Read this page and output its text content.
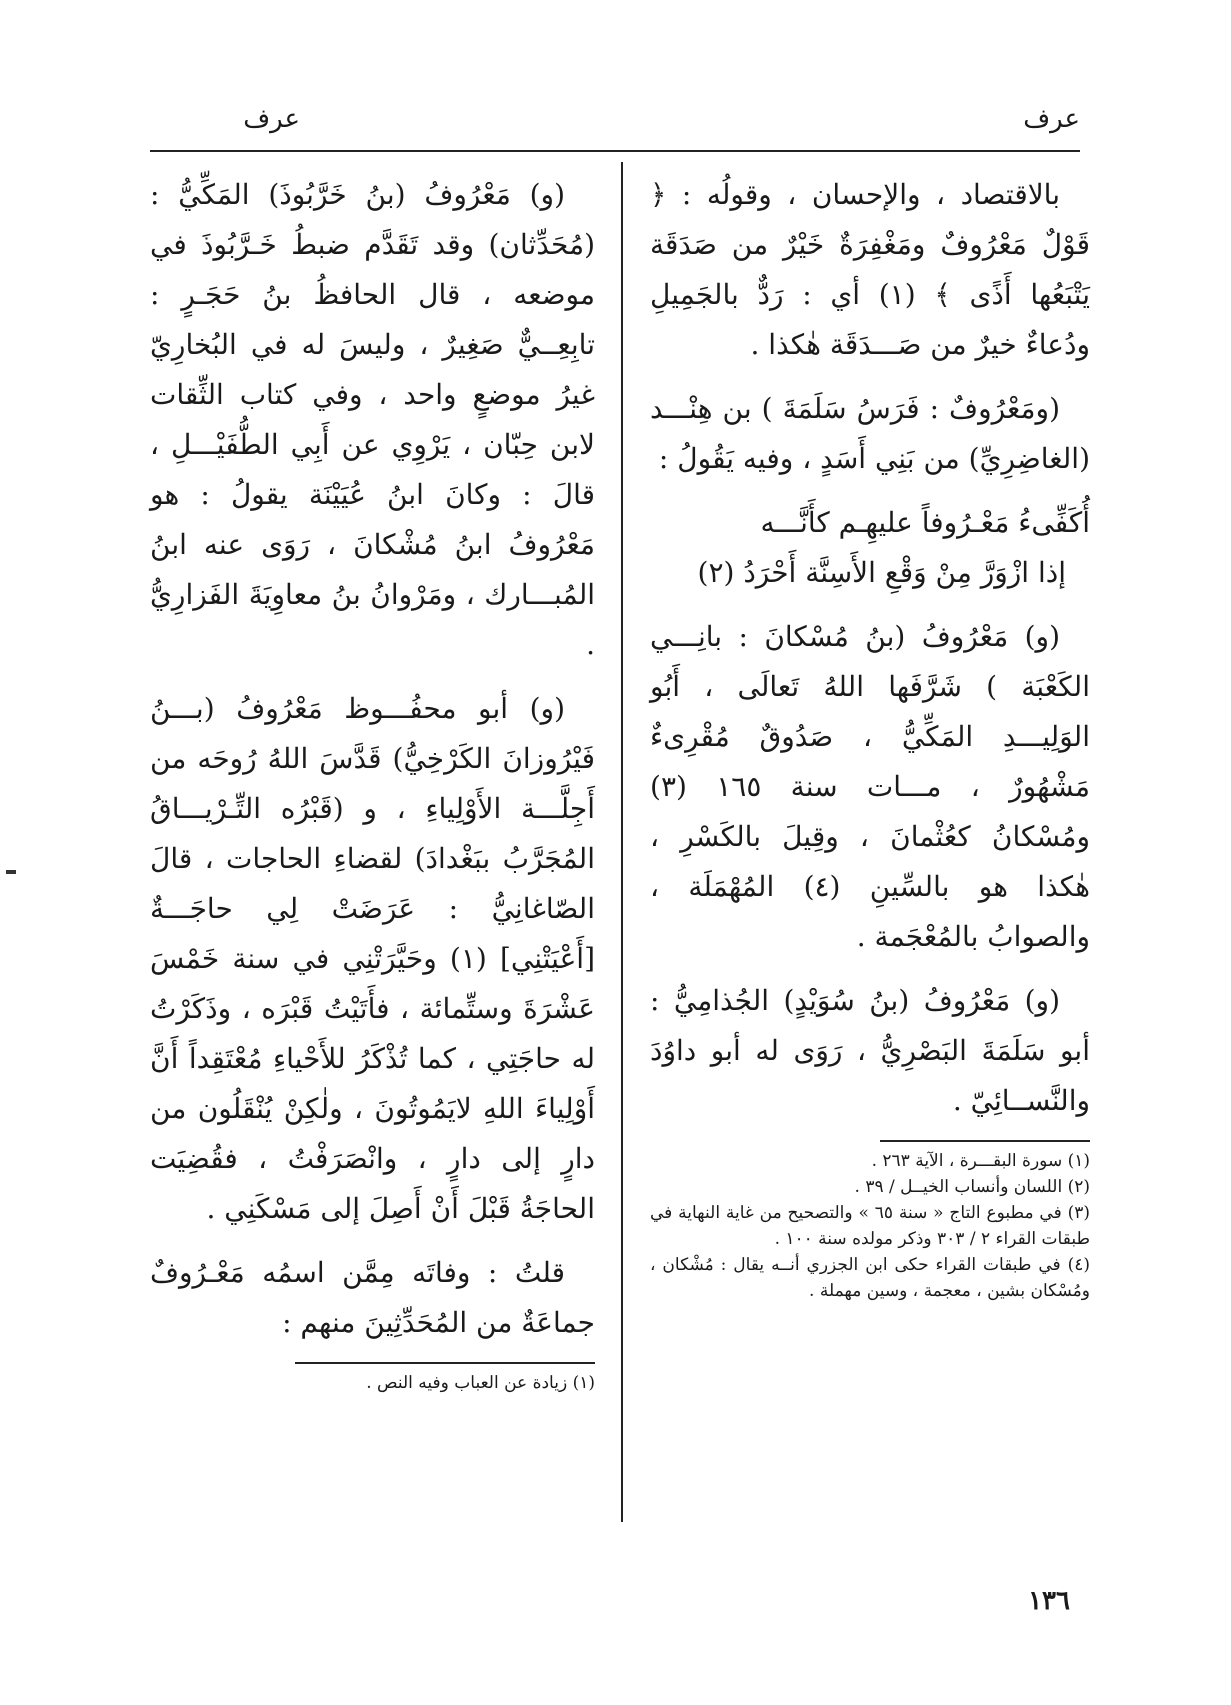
عرف
عرف

بالاقتصاد ، والإحسان ، وقولُه : ﴿ قَوْلٌ مَعْرُوفٌ ومَغْفِرَةٌ خَيْرٌ من صَدَقَة يَتْبَعُها أَذًى ﴾ (١) أي : رَدٌّ بالجَمِيلِ ودُعاءٌ خيرٌ من صَـــدَقَة هٰكذا .

(ومَعْرُوفٌ : فَرَسُ سَلَمَةَ ) بن هِنْـــد (الغاضِرِيِّ) من بَنِي أَسَدٍ ، وفيه يَقُولُ :

أُكَفِّىءُ مَعْـرُوفاً عليهِـم كأَنَّـــه
إذا ازْوَرَّ مِنْ وَقْعِ الأَسِنَّة أَحْرَدُ (٢)

(و) مَعْرُوفُ (بنُ مُسْكانَ : بانِـــي الكَعْبَة ) شَرَّفَها اللهُ تَعالَى ، أَبُو الوَلِيـــدِ المَكِّيُّ ، صَدُوقٌ مُقْرِىءٌ مَشْهُورٌ ، مـــات سنة ١٦٥ (٣) ومُسْكانُ كعُثْمانَ ، وقِيلَ بالكَسْرِ ، هٰكذا هو بالسِّينِ (٤) المُهْمَلَة ، والصوابُ بالمُعْجَمة .

(و) مَعْرُوفُ (بنُ سُوَيْدٍ) الجُذامِيُّ : أبو سَلَمَةَ البَصْرِيُّ ، رَوَى له أبو داوُدَ والنَّســائِيّ .

(١) سورة البقـــرة ، الآية ٢٦٣ .
(٢) اللسان وأنساب الخيــل / ٣٩ .
(٣) في مطبوع التاج « سنة ٦٥ » والتصحيح من غاية النهاية في طبقات القراء ٢ / ٣٠٣ وذكر مولده سنة ١٠٠ .
(٤) في طبقات القراء حكى ابن الجزري أنــه يقال : مُشْكان ، ومُسْكان بشين ، معجمة ، وسين مهملة .

(و) مَعْرُوفُ (بنُ خَرَّبُوذَ) المَكِّيُّ : (مُحَدِّثان) وقد تَقَدَّم ضبطُ خَـرَّبُوذَ في موضعه ، قال الحافظُ بنُ حَجَـرٍ : تابِعِــيٌّ صَغِيرٌ ، وليسَ له في البُخارِيّ غيرُ موضعٍ واحد ، وفي كتاب الثِّقات لابن حِبّان ، يَرْوِي عن أَبِي الطُّفَيْـــلِ ، قالَ : وكانَ ابنُ عُيَيْنَة يقولُ : هو مَعْرُوفُ ابنُ مُشْكانَ ، رَوَى عنه ابنُ المُبـــارك ، ومَرْوانُ بنُ معاوِيَةَ الفَزارِيُّ .

(و) أبو محفُـــوظ مَعْرُوفُ (بـــنُ فَيْرُوزانَ الكَرْخِيُّ) قَدَّسَ اللهُ رُوحَه من أَجِلَّـــة الأَوْلِياءِ ، و (قَبْرُه التِّـرْيـــاقُ المُجَرَّبُ ببَغْدادَ) لقضاءِ الحاجات ، قالَ الصّاغانِيُّ : عَرَضَتْ لِي حاجَـــةٌ [أَعْيَتْنِي] (١) وحَيَّرَتْنِي في سنة خَمْسَ عَشْرَةَ وستِّمائة ، فأَتَيْتُ قَبْرَه ، وذَكَرْتُ له حاجَتِي ، كما تُذْكَرُ للأَحْياءِ مُعْتَقِداً أَنَّ أَوْلِياءَ اللهِ لايَمُوتُونَ ، ولٰكِنْ يُنْقَلُون من دارٍ إلى دارٍ ، وانْصَرَفْتُ ، فقُضِيَت الحاجَةُ قَبْلَ أَنْ أَصِلَ إلى مَسْكَنِي .

قلتُ : وفاتَه مِمَّن اسمُه مَعْـرُوفٌ جماعَةٌ من المُحَدِّثِينَ منهم :

(١) زيادة عن العباب وفيه النص .
١٣٦
